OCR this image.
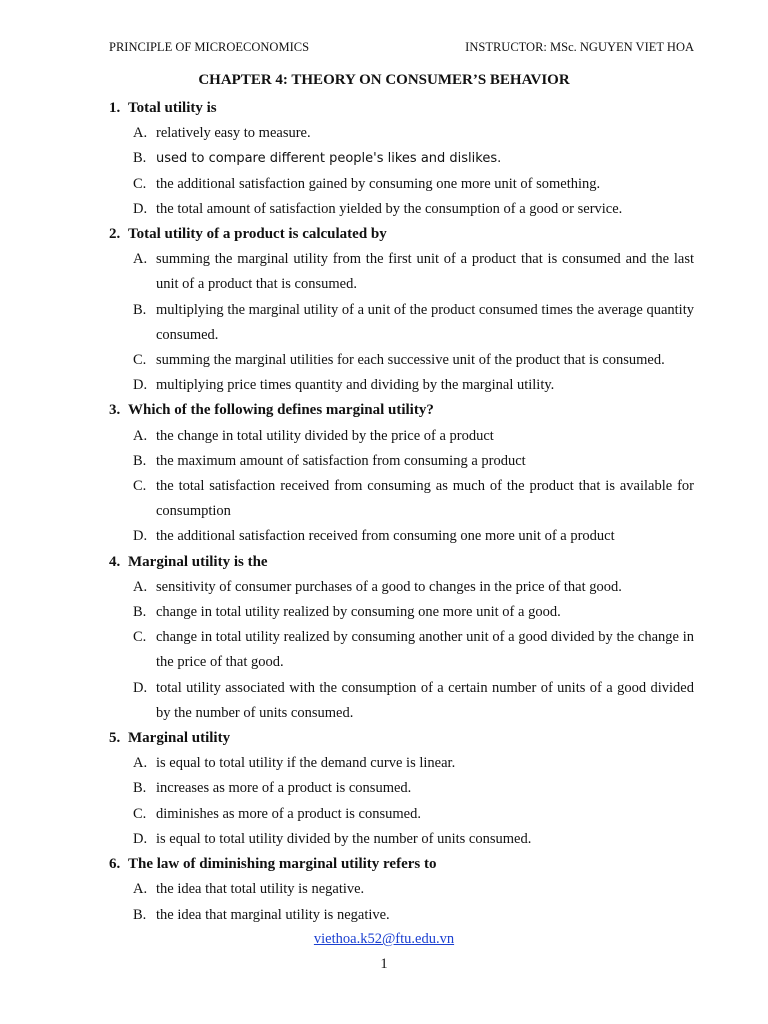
PRINCIPLE OF MICROECONOMICS	INSTRUCTOR: MSc. NGUYEN VIET HOA
CHAPTER 4: THEORY ON CONSUMER’S BEHAVIOR
1. Total utility is
A. relatively easy to measure.
B. used to compare different people's likes and dislikes.
C. the additional satisfaction gained by consuming one more unit of something.
D. the total amount of satisfaction yielded by the consumption of a good or service.
2. Total utility of a product is calculated by
A. summing the marginal utility from the first unit of a product that is consumed and the last unit of a product that is consumed.
B. multiplying the marginal utility of a unit of the product consumed times the average quantity consumed.
C. summing the marginal utilities for each successive unit of the product that is consumed.
D. multiplying price times quantity and dividing by the marginal utility.
3. Which of the following defines marginal utility?
A. the change in total utility divided by the price of a product
B. the maximum amount of satisfaction from consuming a product
C. the total satisfaction received from consuming as much of the product that is available for consumption
D. the additional satisfaction received from consuming one more unit of a product
4. Marginal utility is the
A. sensitivity of consumer purchases of a good to changes in the price of that good.
B. change in total utility realized by consuming one more unit of a good.
C. change in total utility realized by consuming another unit of a good divided by the change in the price of that good.
D. total utility associated with the consumption of a certain number of units of a good divided by the number of units consumed.
5. Marginal utility
A. is equal to total utility if the demand curve is linear.
B. increases as more of a product is consumed.
C. diminishes as more of a product is consumed.
D. is equal to total utility divided by the number of units consumed.
6. The law of diminishing marginal utility refers to
A. the idea that total utility is negative.
B. the idea that marginal utility is negative.
viethoa.k52@ftu.edu.vn
1
